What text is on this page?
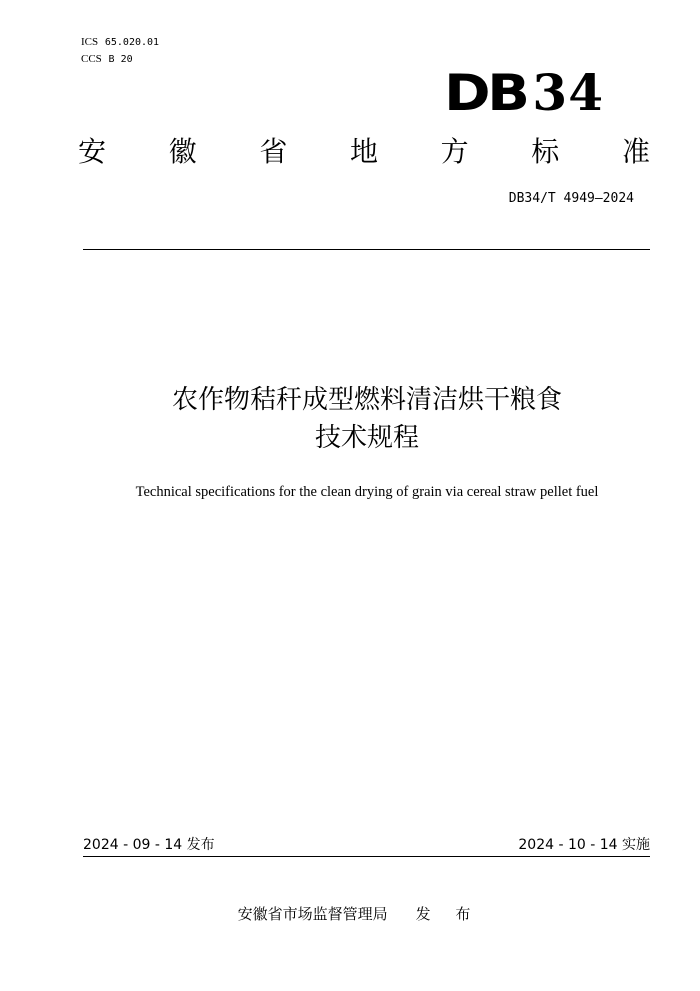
ICS 65.020.01
CCS B 20
DB 34
安 徽 省 地 方 标 准
DB34/T 4949—2024
农作物秸秆成型燃料清洁烘干粮食
技术规程
Technical specifications for the clean drying of grain via cereal straw pellet fuel
2024 - 09 - 14 发布	2024 - 10 - 14 实施
安徽省市场监督管理局 发 布
